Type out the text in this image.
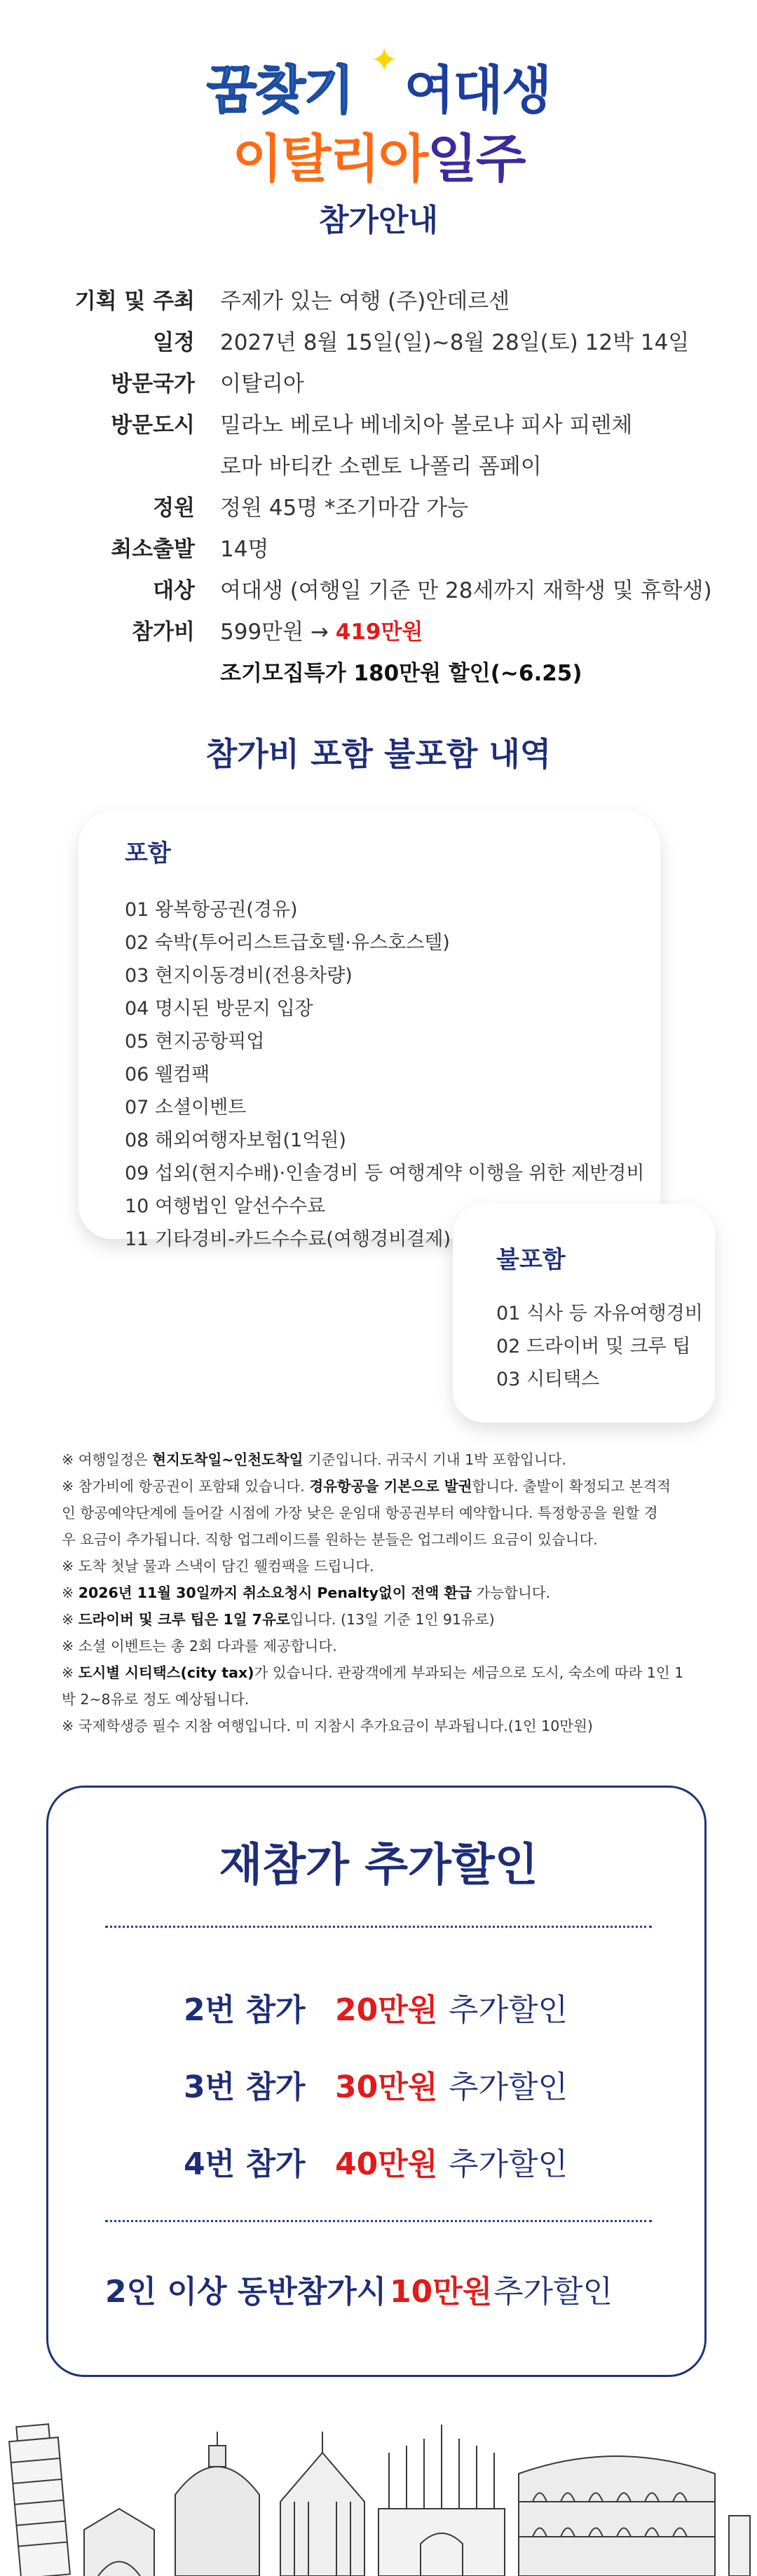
꿈찾기 여대생
✦
이탈리아일주
참가안내
기획 및 주최 주제가 있는 여행 (주)안데르센
일정 2027년 8월 15일(일)~8월 28일(토) 12박 14일
방문국가 이탈리아
방문도시 밀라노 베로나 베네치아 볼로냐 피사 피렌체
로마 바티칸 소렌토 나폴리 폼페이
정원 정원 45명 *조기마감 가능
최소출발 14명
대상 여대생 (여행일 기준 만 28세까지 재학생 및 휴학생)
참가비 599만원 → 419만원
조기모집특가 180만원 할인(~6.25)
참가비 포함 불포함 내역
포함
01 왕복항공권(경유)
02 숙박(투어리스트급호텔·유스호스텔)
03 현지이동경비(전용차량)
04 명시된 방문지 입장
05 현지공항픽업
06 웰컴팩
07 소셜이벤트
08 해외여행자보험(1억원)
09 섭외(현지수배)·인솔경비 등 여행계약 이행을 위한 제반경비
10 여행법인 알선수수료
11 기타경비-카드수수료(여행경비결제)
불포함
01 식사 등 자유여행경비
02 드라이버 및 크루 팁
03 시티택스
※ 여행일정은 현지도착일~인천도착일 기준입니다. 귀국시 기내 1박 포함입니다.
※ 참가비에 항공권이 포함돼 있습니다. 경유항공을 기본으로 발권합니다. 출발이 확정되고 본격적
인 항공예약단계에 들어갈 시점에 가장 낮은 운임대 항공권부터 예약합니다. 특정항공을 원할 경
우 요금이 추가됩니다. 직항 업그레이드를 원하는 분들은 업그레이드 요금이 있습니다.
※ 도착 첫날 물과 스낵이 담긴 웰컴팩을 드립니다.
※ 2026년 11월 30일까지 취소요청시 Penalty없이 전액 환급 가능합니다.
※ 드라이버 및 크루 팁은 1일 7유로입니다. (13일 기준 1인 91유로)
※ 소셜 이벤트는 총 2회 다과를 제공합니다.
※ 도시별 시티택스(city tax)가 있습니다. 관광객에게 부과되는 세금으로 도시, 숙소에 따라 1인 1
박 2~8유로 정도 예상됩니다.
※ 국제학생증 필수 지참 여행입니다. 미 지참시 추가요금이 부과됩니다.(1인 10만원)
재참가 추가할인
2번 참가 20만원 추가할인
3번 참가 30만원 추가할인
4번 참가 40만원 추가할인
2인 이상 동반참가시 10만원 추가할인
